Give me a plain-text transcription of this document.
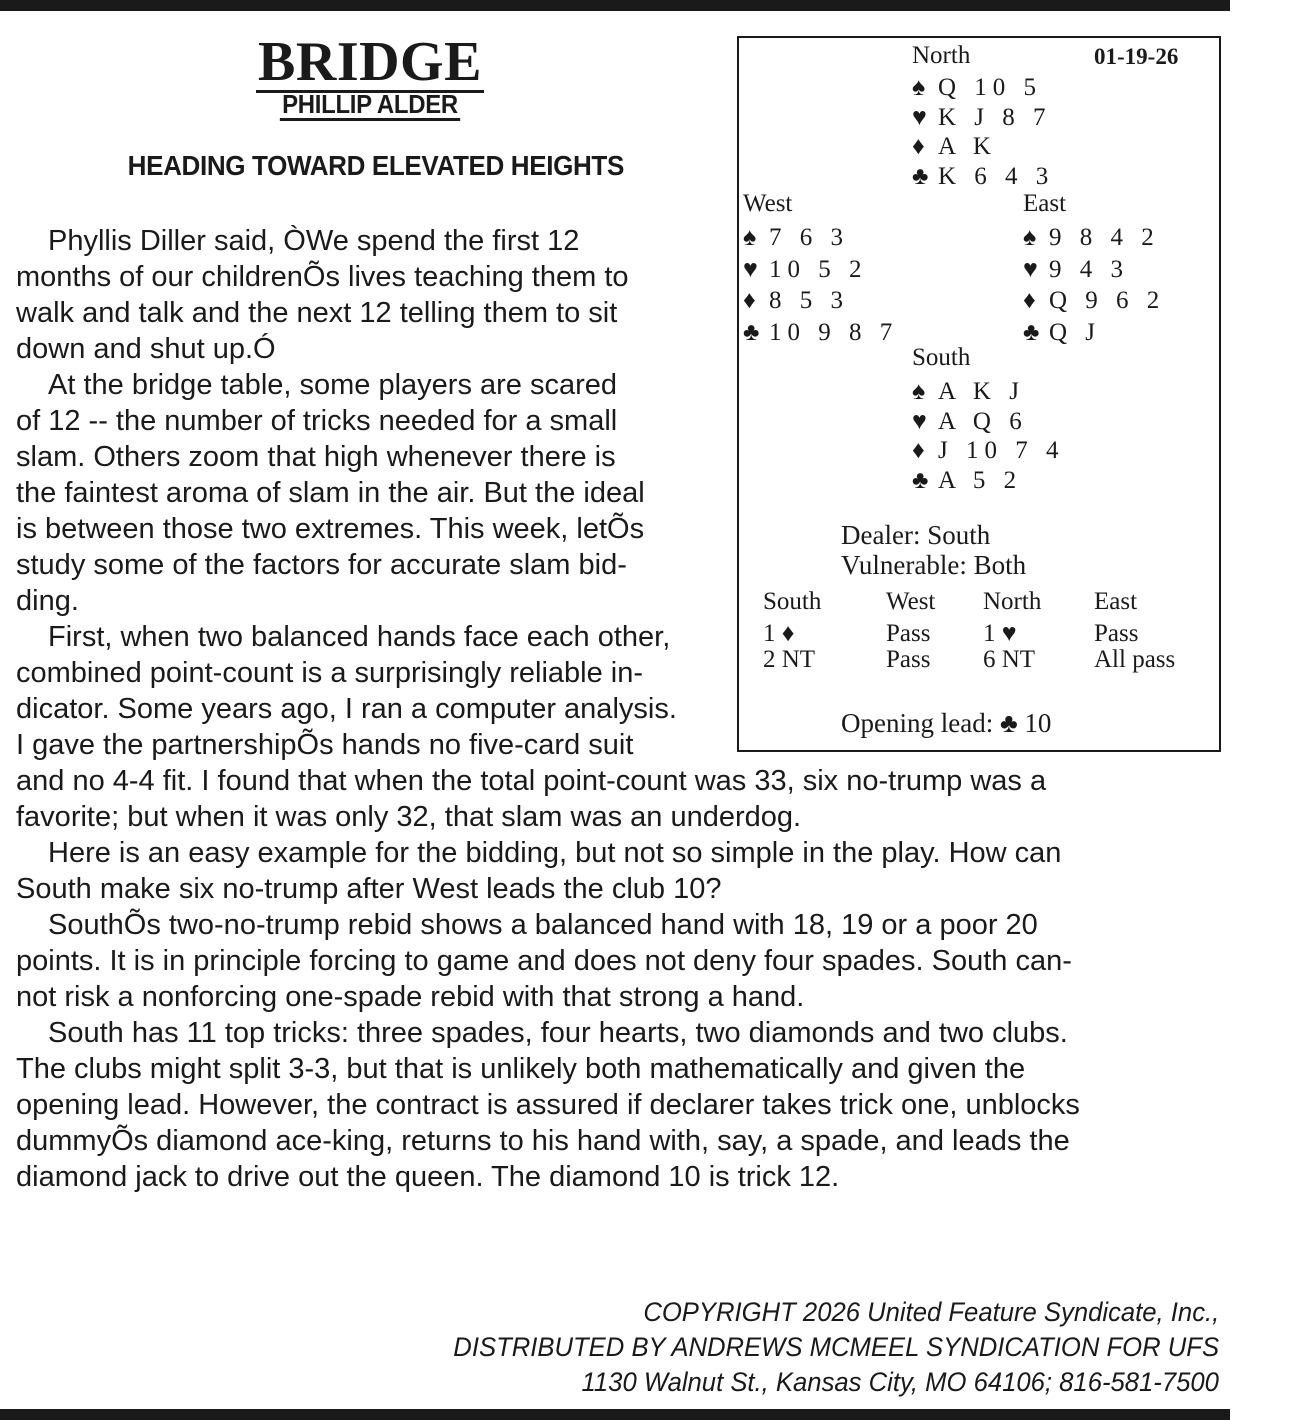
BRIDGE
PHILLIP ALDER
HEADING TOWARD ELEVATED HEIGHTS

Phyllis Diller said, ÒWe spend the first 12
months of our childrenÕs lives teaching them to
walk and talk and the next 12 telling them to sit
down and shut up.Ó

At the bridge table, some players are scared
of 12 -- the number of tricks needed for a small
slam. Others zoom that high whenever there is
the faintest aroma of slam in the air. But the ideal
is between those two extremes. This week, letÕs
study some of the factors for accurate slam bid-
ding.

First, when two balanced hands face each other,
combined point-count is a surprisingly reliable in-
dicator. Some years ago, I ran a computer analysis.
I gave the partnershipÕs hands no five-card suit
and no 4-4 fit. I found that when the total point-count was 33, six no-trump was a
favorite; but when it was only 32, that slam was an underdog.

Here is an easy example for the bidding, but not so simple in the play. How can
South make six no-trump after West leads the club 10?

SouthÕs two-no-trump rebid shows a balanced hand with 18, 19 or a poor 20
points. It is in principle forcing to game and does not deny four spades. South can-
not risk a nonforcing one-spade rebid with that strong a hand.

South has 11 top tricks: three spades, four hearts, two diamonds and two clubs.
The clubs might split 3-3, but that is unlikely both mathematically and given the
opening lead. However, the contract is assured if declarer takes trick one, unblocks
dummyÕs diamond ace-king, returns to his hand with, say, a spade, and leads the
diamond jack to drive out the queen. The diamond 10 is trick 12.

North	01-19-26
♠ Q 10 5
♥ K J 8 7
♦ A K
♣ K 6 4 3
West
♠ 7 6 3
♥ 10 5 2
♦ 8 5 3
♣ 10 9 8 7
East
♠ 9 8 4 2
♥ 9 4 3
♦ Q 9 6 2
♣ Q J
South
♠ A K J
♥ A Q 6
♦ J 10 7 4
♣ A 5 2
Dealer: South
Vulnerable: Both
South	West North East
1 ♦	Pass 1 ♥	Pass
2 NT	Pass 6 NT All pass
Opening lead: ♣ 10
COPYRIGHT 2026 United Feature Syndicate, Inc.,
DISTRIBUTED BY ANDREWS MCMEEL SYNDICATION FOR UFS
1130 Walnut St., Kansas City, MO 64106; 816-581-7500
